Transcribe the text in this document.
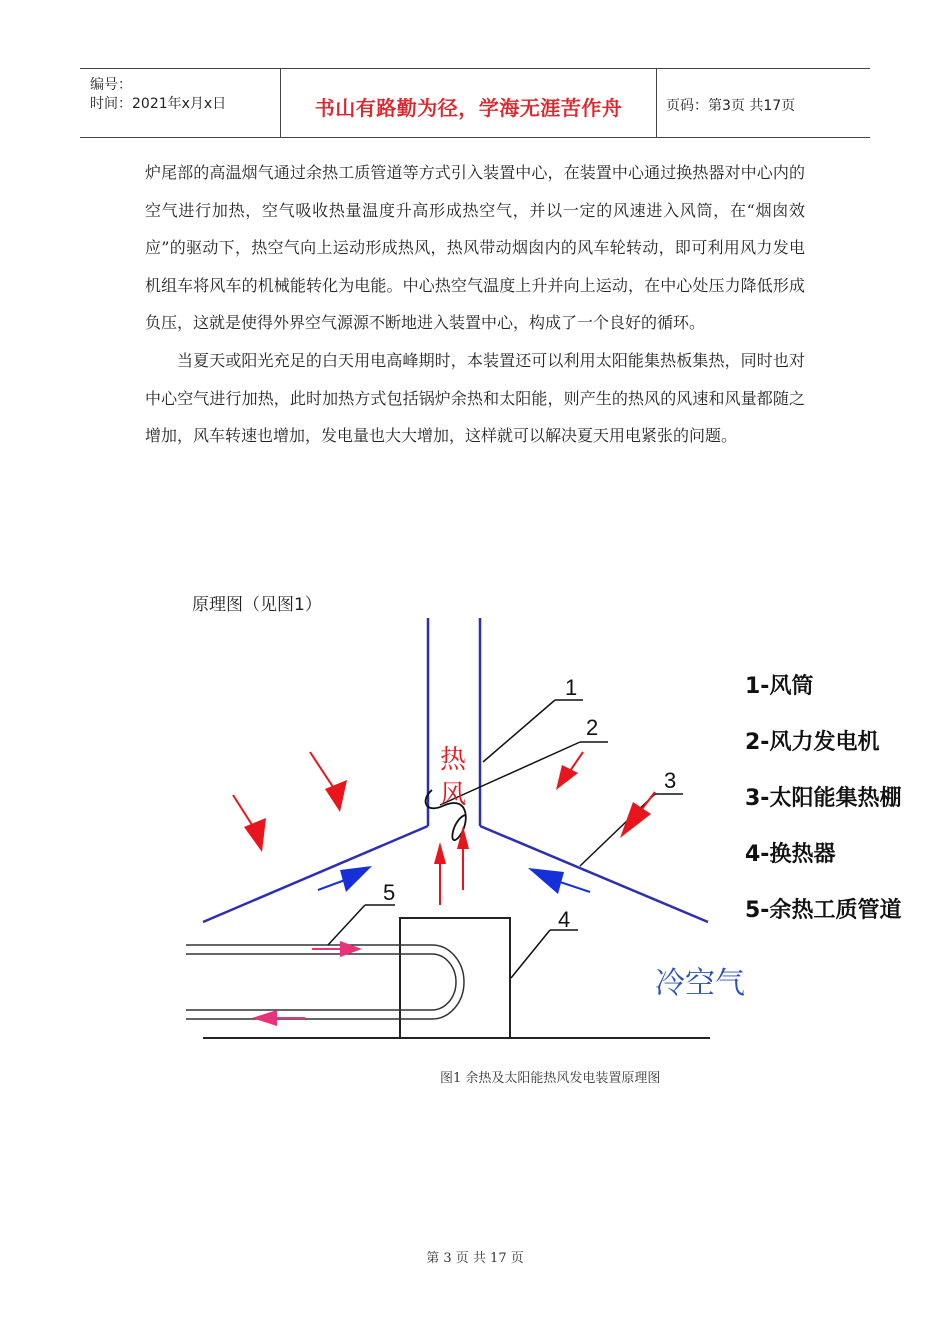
编号：
时间：2021年x月x日	书山有路勤为径，学海无涯苦作舟	页码：第3页 共17页

炉尾部的高温烟气通过余热工质管道等方式引入装置中心，在装置中心通过换热器对中心内的空气进行加热，空气吸收热量温度升高形成热空气，并以一定的风速进入风筒，在“烟囱效应”的驱动下，热空气向上运动形成热风，热风带动烟囱内的风车轮转动，即可利用风力发电机组车将风车的机械能转化为电能。中心热空气温度上升并向上运动，在中心处压力降低形成负压，这就是使得外界空气源源不断地进入装置中心，构成了一个良好的循环。

当夏天或阳光充足的白天用电高峰期时，本装置还可以利用太阳能集热板集热，同时也对中心空气进行加热，此时加热方式包括锅炉余热和太阳能，则产生的热风的风速和风量都随之增加，风车转速也增加，发电量也大大增加，这样就可以解决夏天用电紧张的问题。

原理图（见图1）
1
2
3
4
5
热
风
冷空气
1-风筒
2-风力发电机
3-太阳能集热棚
4-换热器
5-余热工质管道
图1 余热及太阳能热风发电装置原理图
第 3 页 共 17 页
